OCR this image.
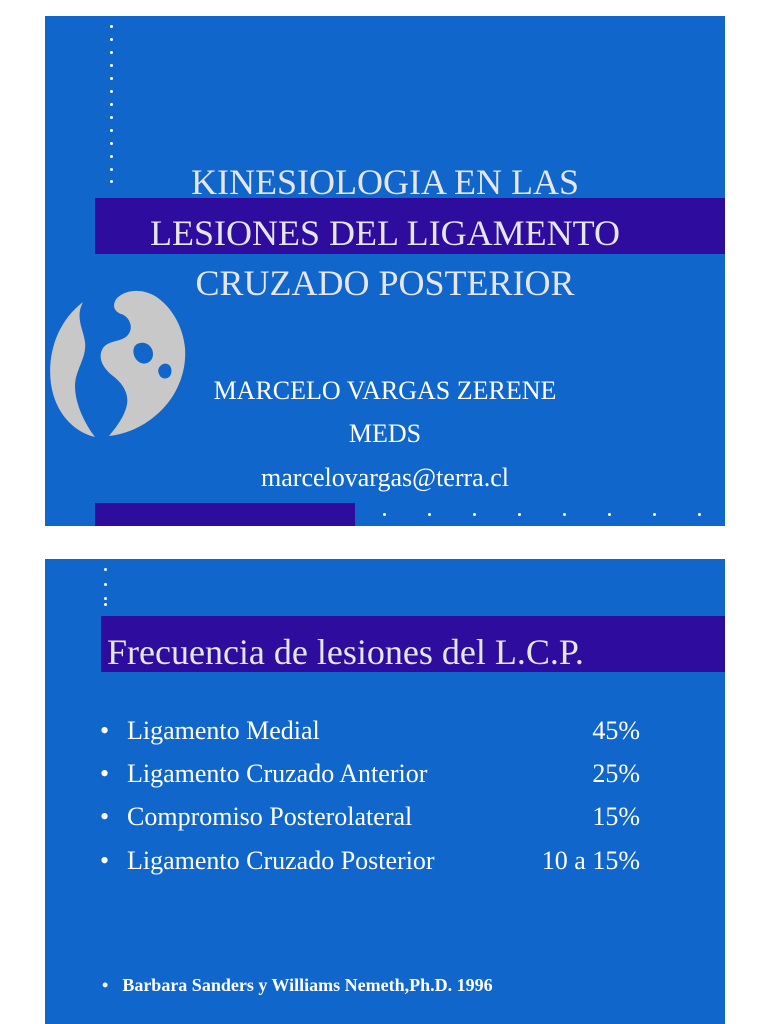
KINESIOLOGIA EN LAS
LESIONES DEL LIGAMENTO
CRUZADO POSTERIOR
MARCELO VARGAS ZERENE
MEDS
marcelovargas@terra.cl
Frecuencia de lesiones del L.C.P.
• Ligamento Medial	45%
• Ligamento Cruzado Anterior	25%
• Compromiso Posterolateral	15%
• Ligamento Cruzado Posterior	10 a 15%
• Barbara Sanders y Williams Nemeth,Ph.D. 1996
